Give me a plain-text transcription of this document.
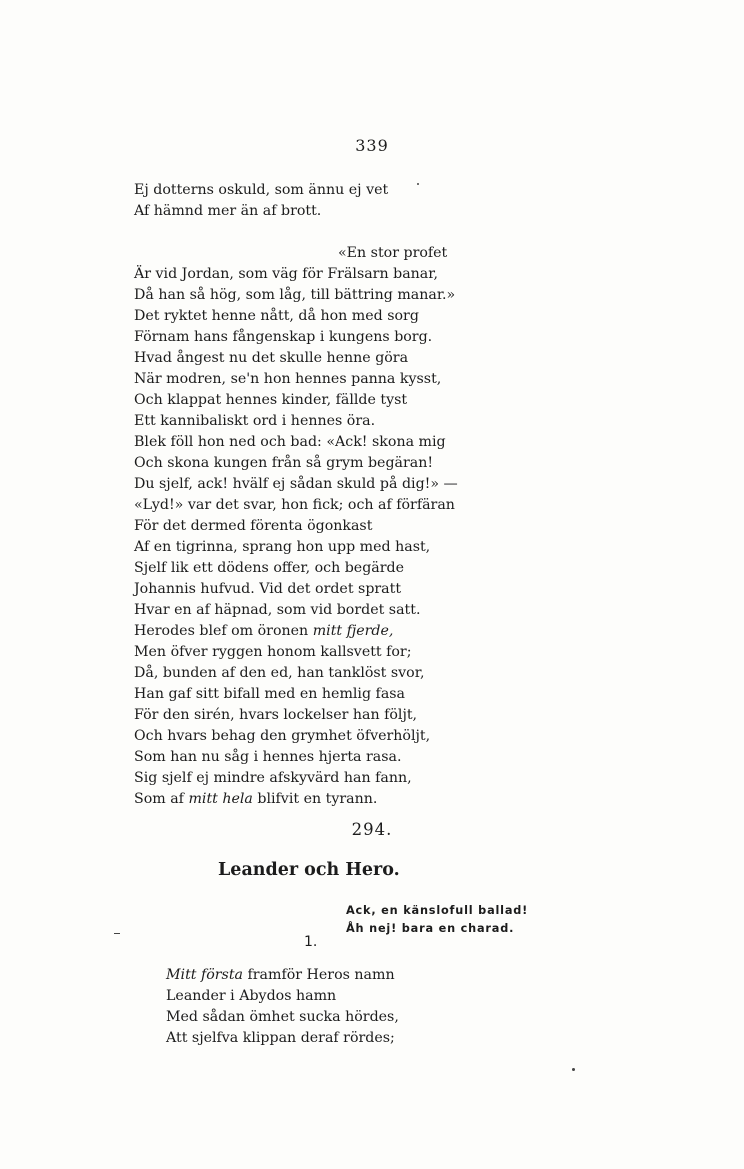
339
Ej dotterns oskuld, som ännu ej vet
Af hämnd mer än af brott.
«En stor profet
Är vid Jordan, som väg för Frälsarn banar,
Då han så hög, som låg, till bättring manar.»
Det ryktet henne nått, då hon med sorg
Förnam hans fångenskap i kungens borg.
Hvad ångest nu det skulle henne göra
När modren, se'n hon hennes panna kysst,
Och klappat hennes kinder, fällde tyst
Ett kannibaliskt ord i hennes öra.
Blek föll hon ned och bad: «Ack! skona mig
Och skona kungen från så grym begäran!
Du sjelf, ack! hvälf ej sådan skuld på dig!» —
«Lyd!» var det svar, hon fick; och af förfäran
För det dermed förenta ögonkast
Af en tigrinna, sprang hon upp med hast,
Sjelf lik ett dödens offer, och begärde
Johannis hufvud. Vid det ordet spratt
Hvar en af häpnad, som vid bordet satt.
Herodes blef om öronen mitt fjerde,
Men öfver ryggen honom kallsvett for;
Då, bunden af den ed, han tanklöst svor,
Han gaf sitt bifall med en hemlig fasa
För den sirén, hvars lockelser han följt,
Och hvars behag den grymhet öfverhöljt,
Som han nu såg i hennes hjerta rasa.
Sig sjelf ej mindre afskyvärd han fann,
Som af mitt hela blifvit en tyrann.
294.
Leander och Hero.
Ack, en känslofull ballad!
Åh nej! bara en charad.
1.
Mitt första framför Heros namn
Leander i Abydos hamn
Med sådan ömhet sucka hördes,
Att sjelfva klippan deraf rördes;
